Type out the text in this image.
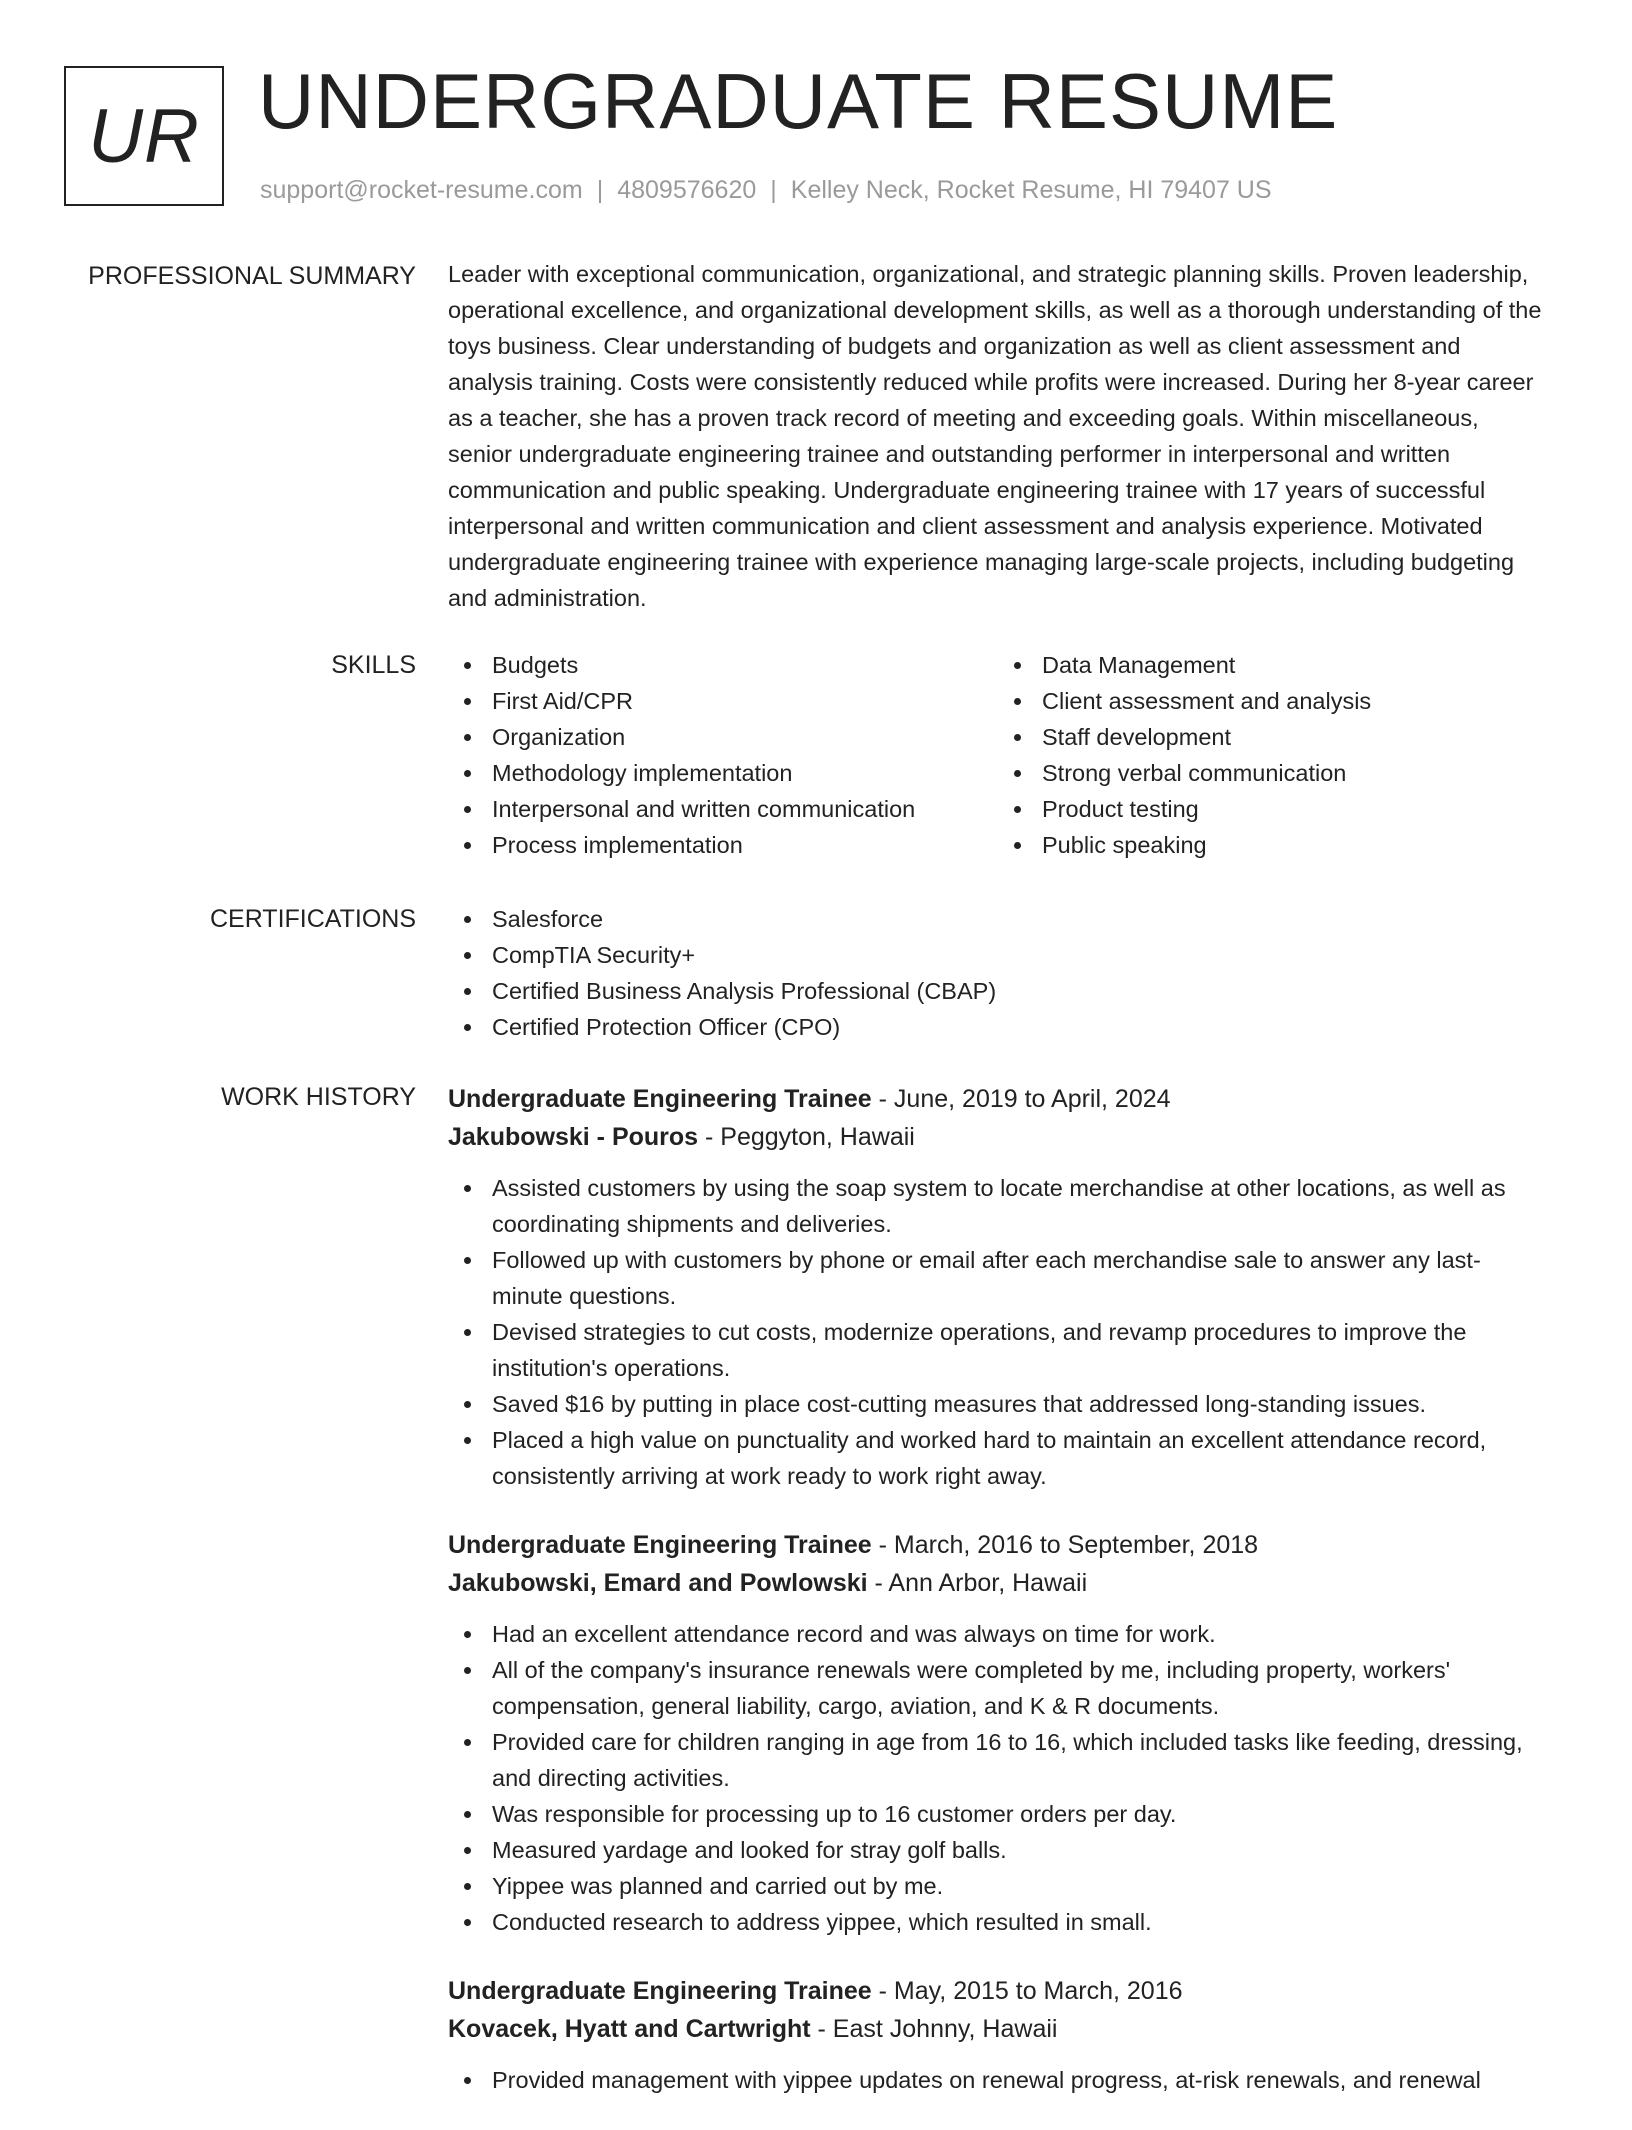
UR UNDERGRADUATE RESUME
support@rocket-resume.com | 4809576620 | Kelley Neck, Rocket Resume, HI 79407 US
PROFESSIONAL SUMMARY Leader with exceptional communication, organizational, and strategic planning skills. Proven leadership, operational excellence, and organizational development skills, as well as a thorough understanding of the toys business. Clear understanding of budgets and organization as well as client assessment and analysis training. Costs were consistently reduced while profits were increased. During her 8-year career as a teacher, she has a proven track record of meeting and exceeding goals. Within miscellaneous, senior undergraduate engineering trainee and outstanding performer in interpersonal and written communication and public speaking. Undergraduate engineering trainee with 17 years of successful interpersonal and written communication and client assessment and analysis experience. Motivated undergraduate engineering trainee with experience managing large-scale projects, including budgeting and administration.

SKILLS	Budgets
First Aid/CPR
Organization
Methodology implementation
Interpersonal and written communication
Process implementation
Data Management
Client assessment and analysis
Staff development
Strong verbal communication
Product testing
Public speaking
CERTIFICATIONS	Salesforce
CompTIA Security+
Certified Business Analysis Professional (CBAP)
Certified Protection Officer (CPO)
WORK HISTORY Undergraduate Engineering Trainee - June, 2019 to April, 2024
Jakubowski - Pouros - Peggyton, Hawaii
Assisted customers by using the soap system to locate merchandise at other locations, as well as coordinating shipments and deliveries.
Followed up with customers by phone or email after each merchandise sale to answer any last-minute questions.
Devised strategies to cut costs, modernize operations, and revamp procedures to improve the institution's operations.
Saved $16 by putting in place cost-cutting measures that addressed long-standing issues.
Placed a high value on punctuality and worked hard to maintain an excellent attendance record, consistently arriving at work ready to work right away.
Undergraduate Engineering Trainee - March, 2016 to September, 2018
Jakubowski, Emard and Powlowski - Ann Arbor, Hawaii
Had an excellent attendance record and was always on time for work.
All of the company's insurance renewals were completed by me, including property, workers' compensation, general liability, cargo, aviation, and K & R documents.
Provided care for children ranging in age from 16 to 16, which included tasks like feeding, dressing, and directing activities.
Was responsible for processing up to 16 customer orders per day.
Measured yardage and looked for stray golf balls.
Yippee was planned and carried out by me.
Conducted research to address yippee, which resulted in small.
Undergraduate Engineering Trainee - May, 2015 to March, 2016
Kovacek, Hyatt and Cartwright - East Johnny, Hawaii
Provided management with yippee updates on renewal progress, at-risk renewals, and renewal
